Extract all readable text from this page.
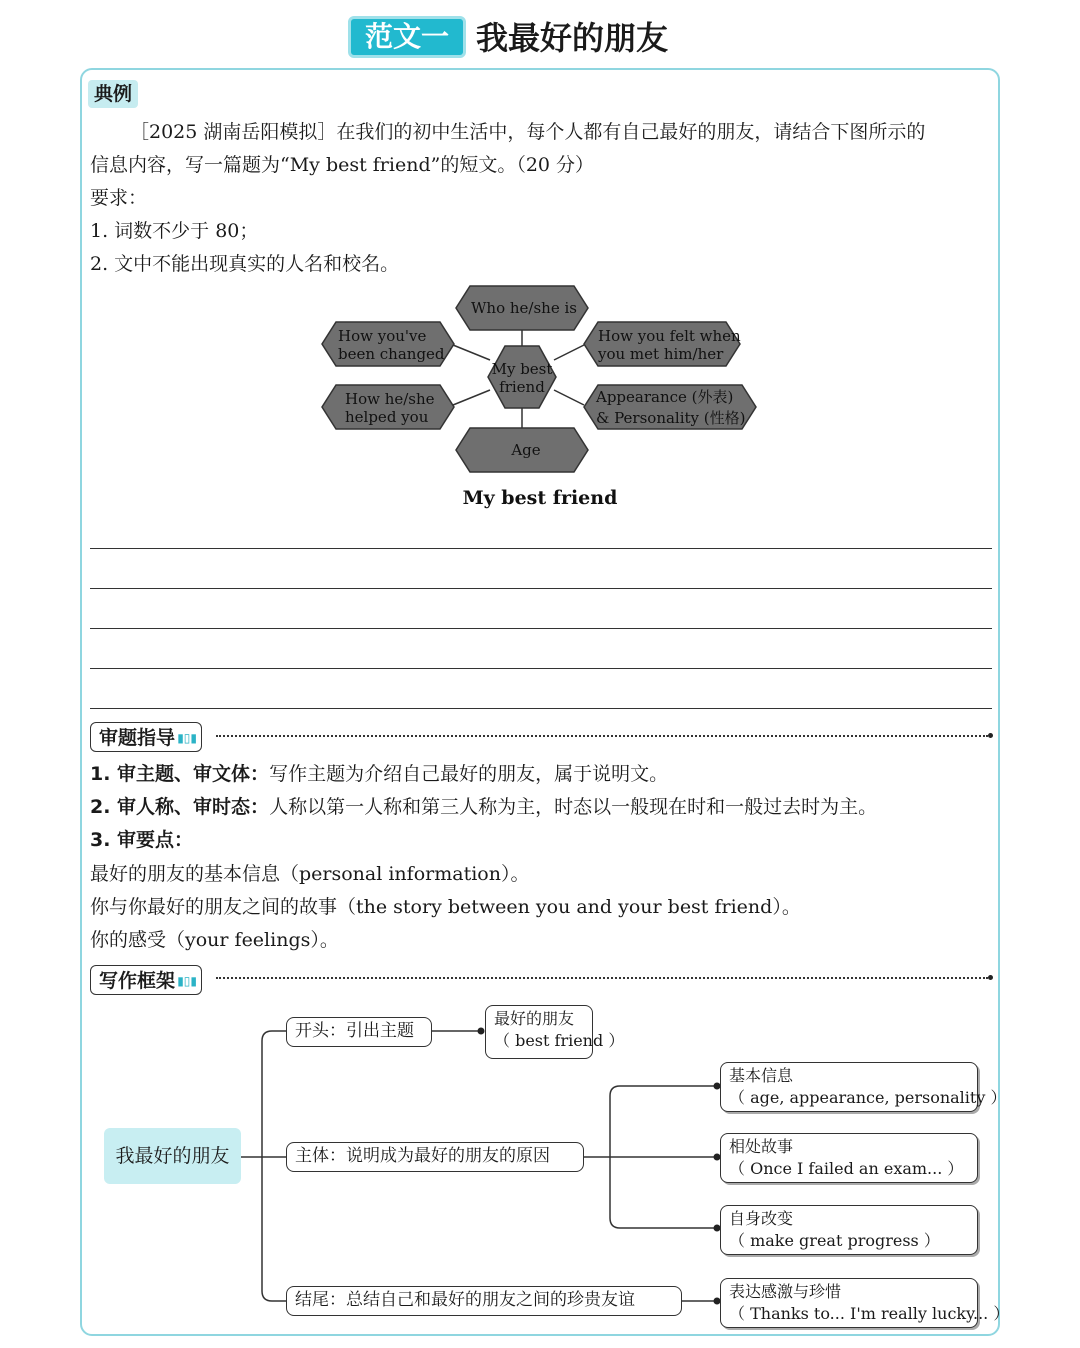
范文一 我最好的朋友
典例
［2025 湖南岳阳模拟］在我们的初中生活中，每个人都有自己最好的朋友，请结合下图所示的
信息内容，写一篇题为“My best friend”的短文。（20 分）
要求：
1. 词数不少于 80；
2. 文中不能出现真实的人名和校名。
Who he/she is
My best
friend
Age
How you've
been changed
How he/she
helped you
How you felt when
you met him/her
Appearance (外表)
& Personality (性格)
My best friend
审题指导 ▮▯▮
1. 审主题、审文体：写作主题为介绍自己最好的朋友，属于说明文。
2. 审人称、审时态：人称以第一人称和第三人称为主，时态以一般现在时和一般过去时为主。
3. 审要点：
最好的朋友的基本信息（personal information）。
你与你最好的朋友之间的故事（the story between you and your best friend）。
你的感受（your feelings）。
写作框架 ▮▯▮
我最好的朋友
开头：引出主题
最好的朋友
（ best friend ）
主体：说明成为最好的朋友的原因
基本信息
（ age, appearance, personality ）
相处故事
（ Once I failed an exam... ）
自身改变
（ make great progress ）
结尾：总结自己和最好的朋友之间的珍贵友谊	表达感激与珍惜
（ Thanks to... I'm really lucky... ）
